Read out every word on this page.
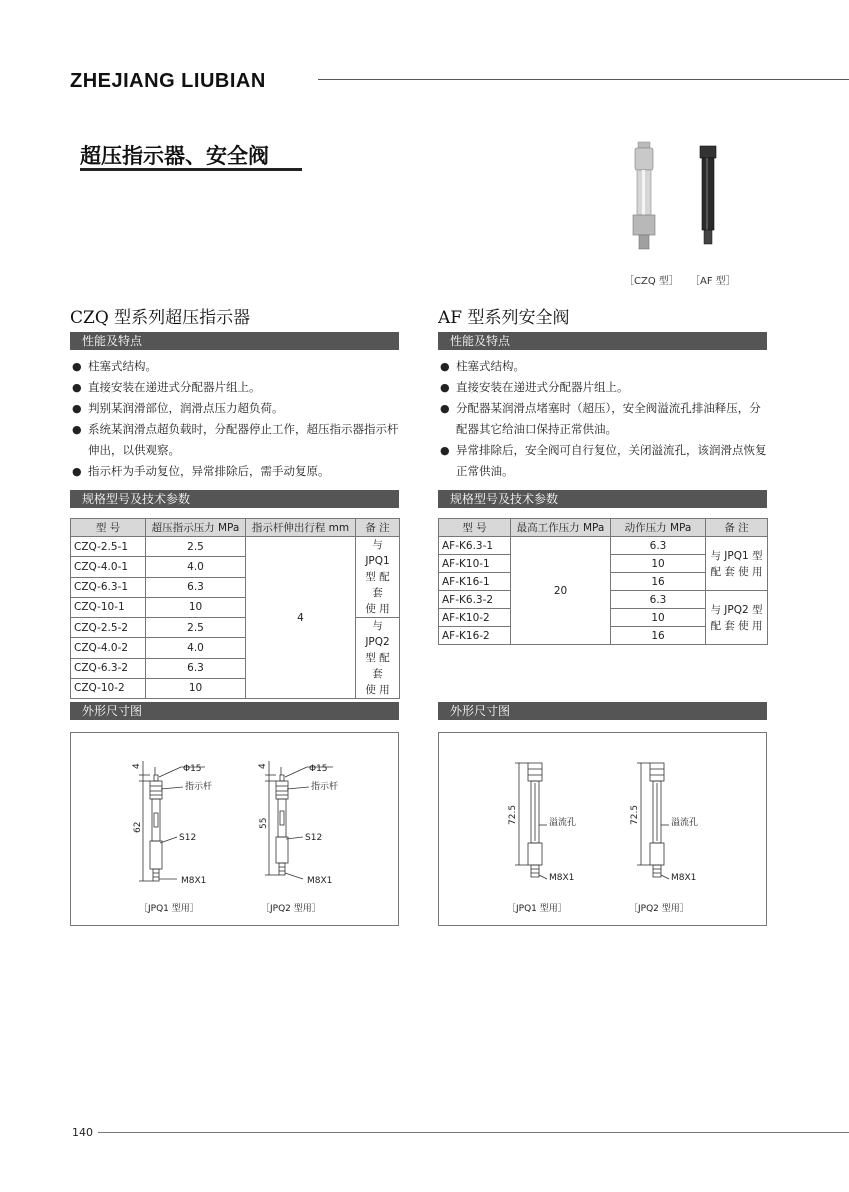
ZHEJIANG LIUBIAN
超压指示器、安全阀
［CZQ 型］ ［AF 型］
CZQ 型系列超压指示器
性能及特点
● 柱塞式结构。
● 直接安装在递进式分配器片组上。
● 判别某润滑部位，润滑点压力超负荷。
● 系统某润滑点超负载时，分配器停止工作，超压指示器指示杆伸出，以供观察。
● 指示杆为手动复位，异常排除后，需手动复原。
规格型号及技术参数
型 号	超压指示压力 MPa	指示杆伸出行程 mm	备 注
CZQ-2.5-1	2.5	4	与 JPQ1
型 配 套
使 用

CZQ-4.0-1	4.0		
CZQ-6.3-1	6.3		
CZQ-10-1	10		
CZQ-2.5-2	2.5		与 JPQ2
型 配 套
使 用

CZQ-4.0-2	4.0		
CZQ-6.3-2	6.3		
CZQ-10-2	10		
外形尺寸图
4	Φ15
指示杆
62
S12
M8X1
［JPQ1 型用］
4	Φ15
指示杆
55
S12
M8X1
［JPQ2 型用］
AF 型系列安全阀
性能及特点
● 柱塞式结构。
● 直接安装在递进式分配器片组上。
● 分配器某润滑点堵塞时（超压），安全阀溢流孔排油释压，分配器其它给油口保持正常供油。
● 异常排除后，安全阀可自行复位，关闭溢流孔，该润滑点恢复正常供油。
规格型号及技术参数
型 号	最高工作压力 MPa	动作压力 MPa	备 注
AF-K6.3-1	20	6.3	与 JPQ1 型
配 套 使 用

AF-K10-1		10	
AF-K16-1		16	
AF-K6.3-2		6.3	与 JPQ2 型
配 套 使 用

AF-K10-2		10	
AF-K16-2		16	
外形尺寸图
72.5	溢流孔
M8X1
［JPQ1 型用］
72.5	溢流孔
M8X1
［JPQ2 型用］
140
